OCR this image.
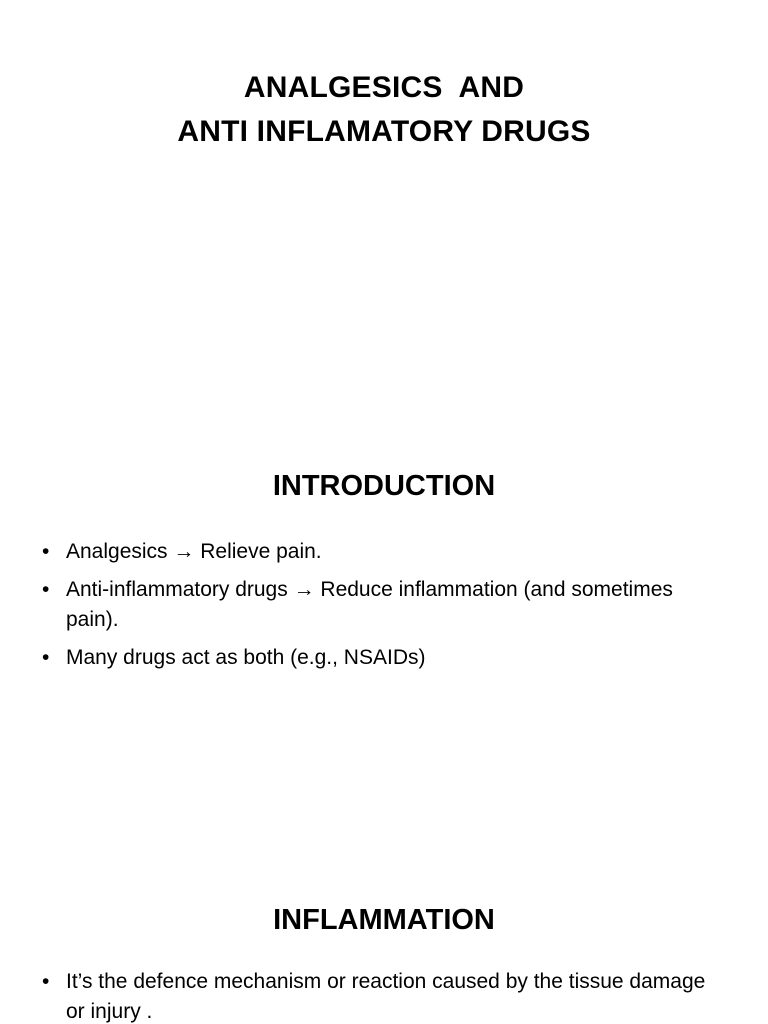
ANALGESICS  AND
ANTI INFLAMATORY DRUGS
INTRODUCTION
• Analgesics → Relieve pain.
• Anti-inflammatory drugs → Reduce inflammation (and sometimes pain).
• Many drugs act as both (e.g., NSAIDs)
INFLAMMATION
• It’s the defence mechanism or reaction caused by the tissue damage or injury .
